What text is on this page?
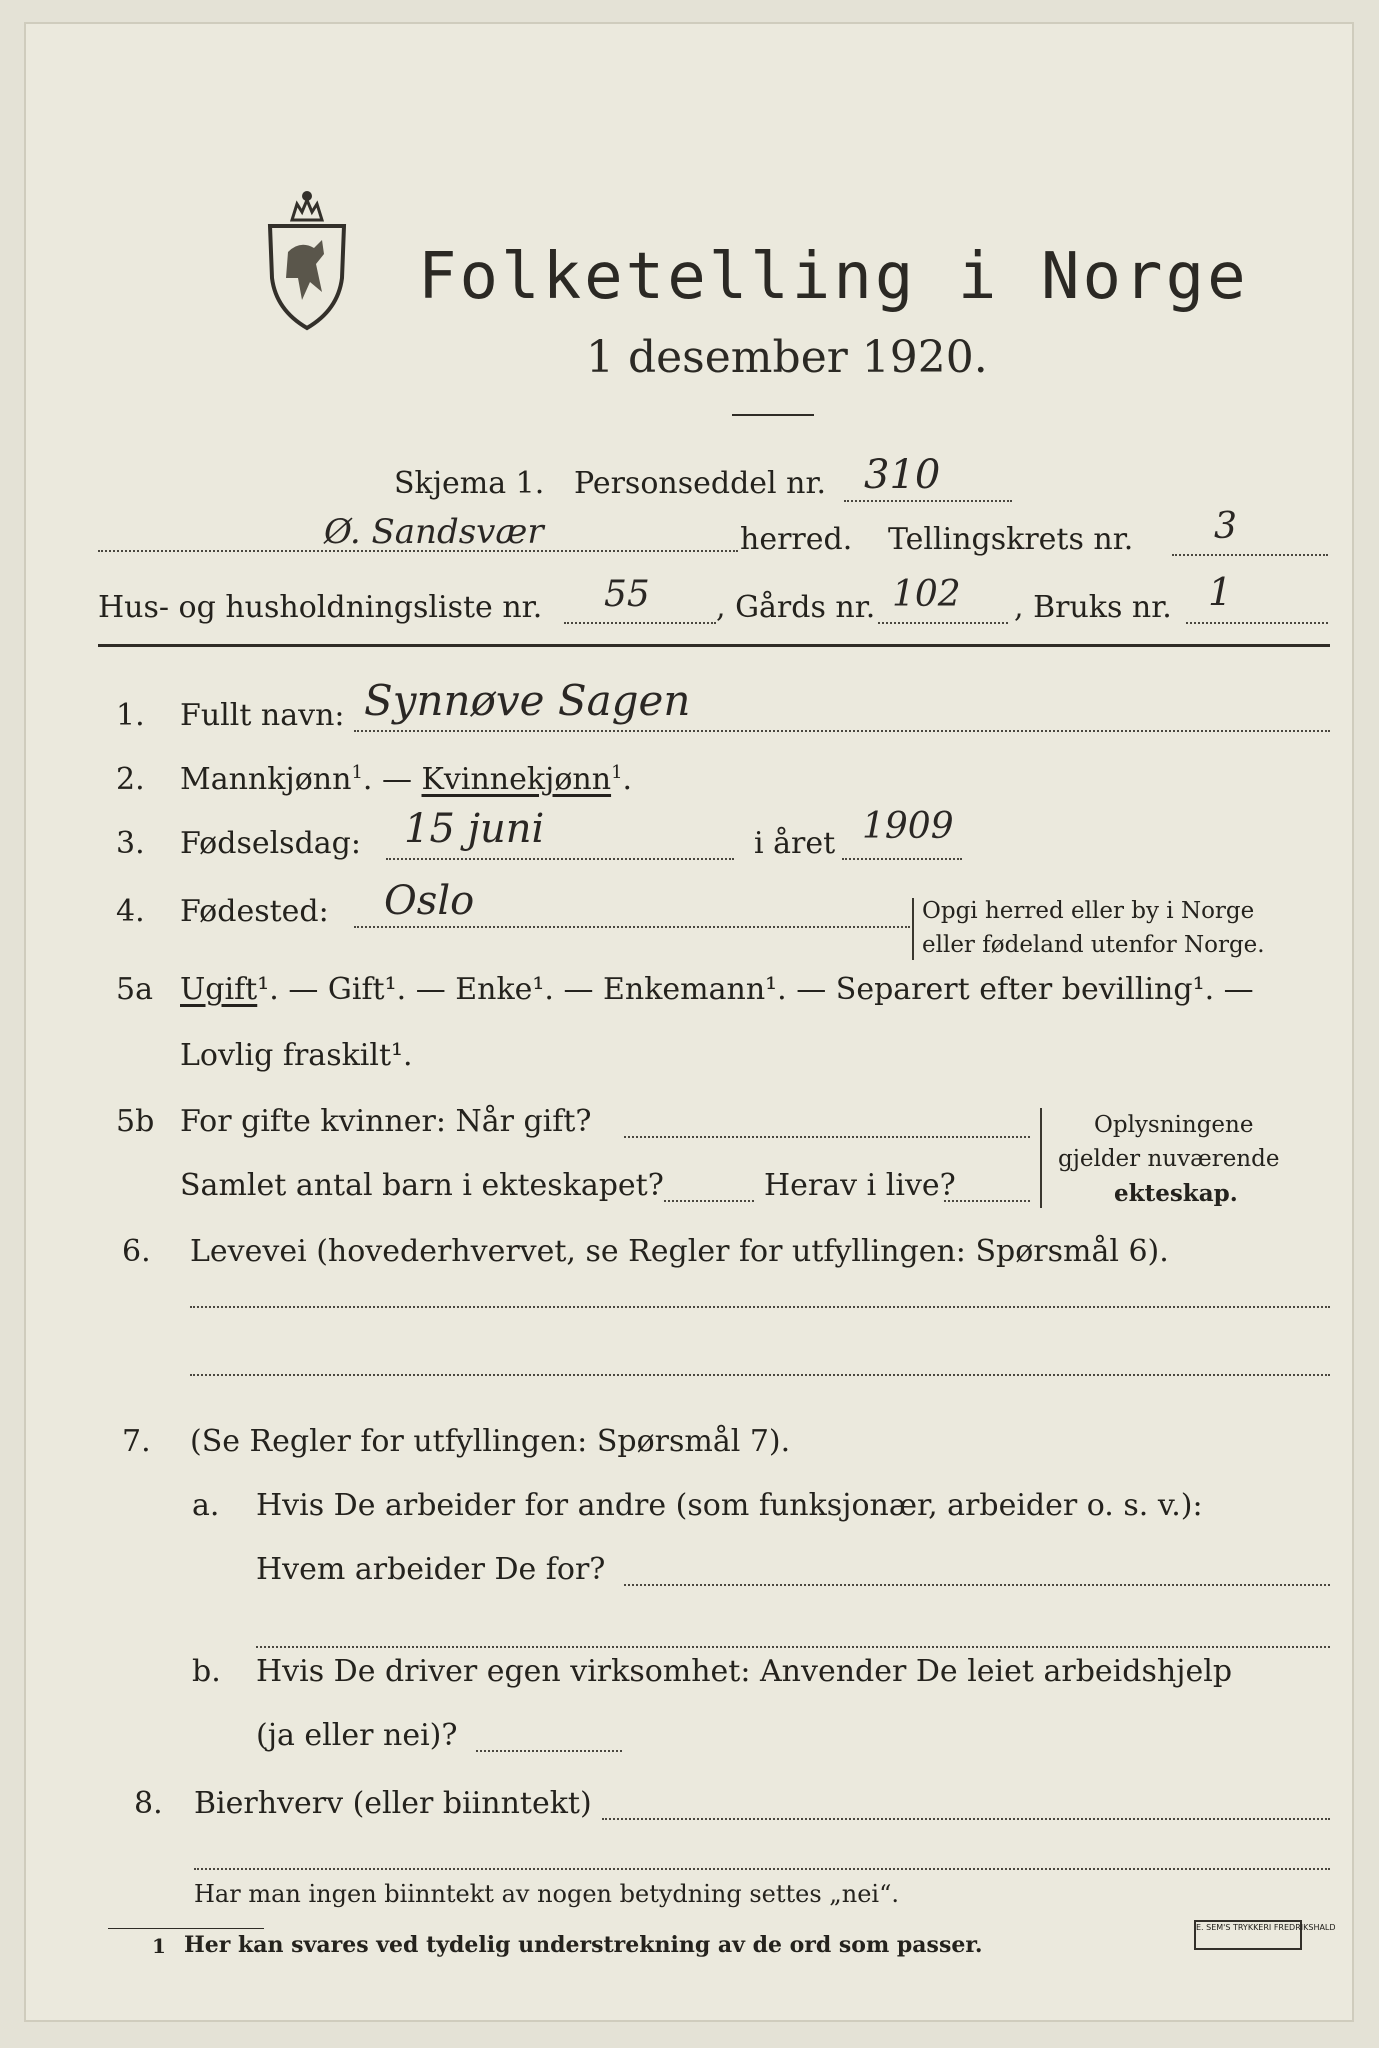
Folketelling i Norge
1 desember 1920.
Skjema 1. Personseddel nr. 310
Ø. Sandsvær	herred. Tellingskrets nr. 3
Hus- og husholdningsliste nr. 55 , Gårds nr. 102 , Bruks nr. 1
1. Fullt navn: Synnøve Sagen
2. Mannkjønn$^1$. — Kvinnekjønn$^1$.
3. Fødselsdag: 15 juni	i året 1909
4. Fødested: Oslo	Opgi herred eller by i Norge
eller fødeland utenfor Norge.
5a Ugift¹. — Gift¹. — Enke¹. — Enkemann¹. — Separert efter bevilling¹. —
Lovlig fraskilt¹.
5b For gifte kvinner: Når gift?
Samlet antal barn i ekteskapet?	Herav i live?
Oplysningene
gjelder nuværende
ekteskap.
6. Levevei (hovederhvervet, se Regler for utfyllingen: Spørsmål 6).
7. (Se Regler for utfyllingen: Spørsmål 7).
a. Hvis De arbeider for andre (som funksjonær, arbeider o. s. v.):
Hvem arbeider De for?
b. Hvis De driver egen virksomhet: Anvender De leiet arbeidshjelp
(ja eller nei)?
8. Bierhverv (eller biinntekt)
Har man ingen biinntekt av nogen betydning settes „nei“.
1 Her kan svares ved tydelig understrekning av de ord som passer.
E. SEM'S TRYKKERI FREDRIKSHALD
